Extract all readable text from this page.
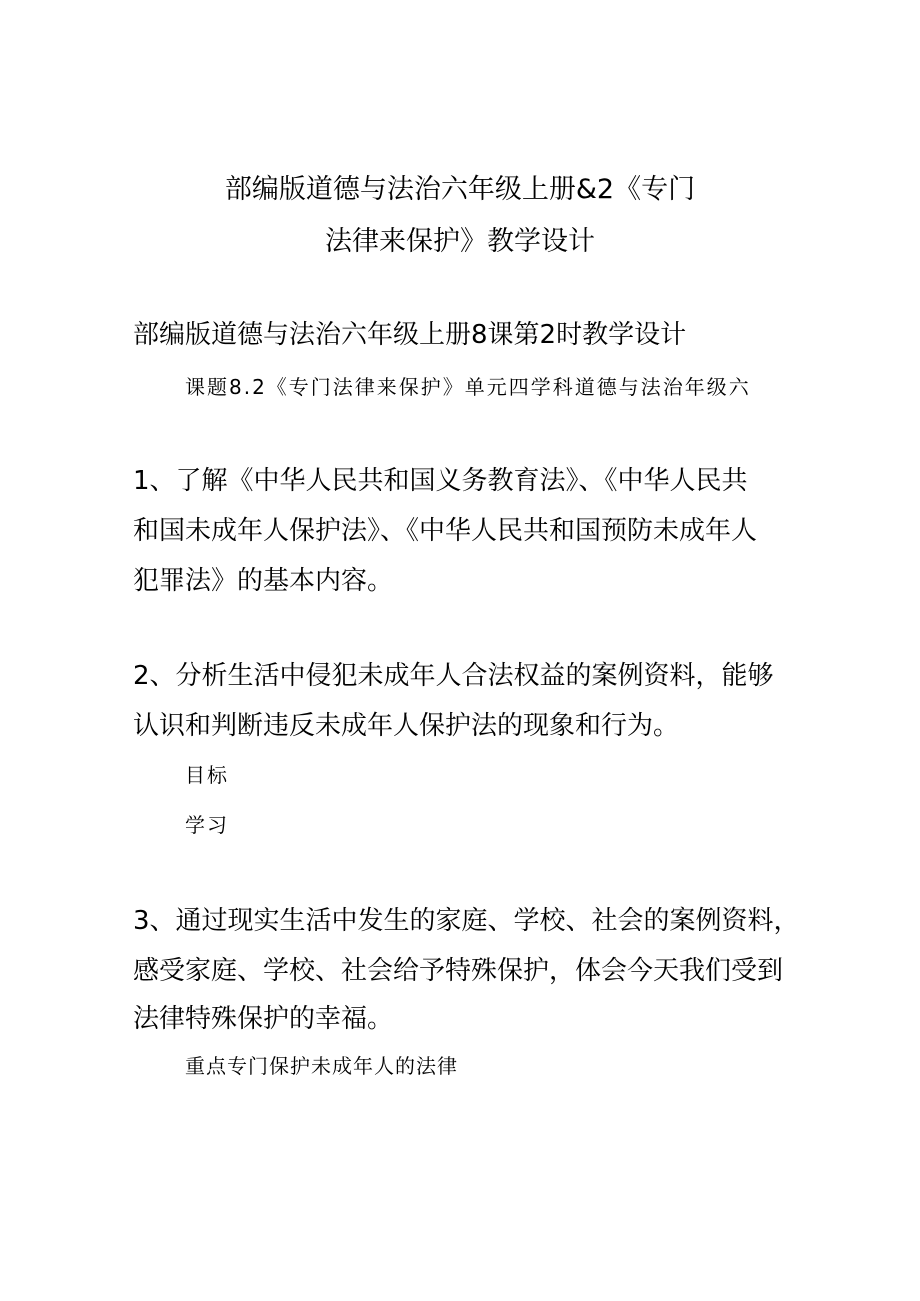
部编版道德与法治六年级上册&2《专门

法律来保护》教学设计

部编版道德与法治六年级上册8课第2时教学设计

课题8.2《专门法律来保护》单元四学科道德与法治年级六

1、了解《中华人民共和国义务教育法》、《中华人民共

和国未成年人保护法》、《中华人民共和国预防未成年人

犯罪法》的基本内容。

2、分析生活中侵犯未成年人合法权益的案例资料，能够

认识和判断违反未成年人保护法的现象和行为。

目标

学习

3、通过现实生活中发生的家庭、学校、社会的案例资料，

感受家庭、学校、社会给予特殊保护，体会今天我们受到

法律特殊保护的幸福。

重点专门保护未成年人的法律
